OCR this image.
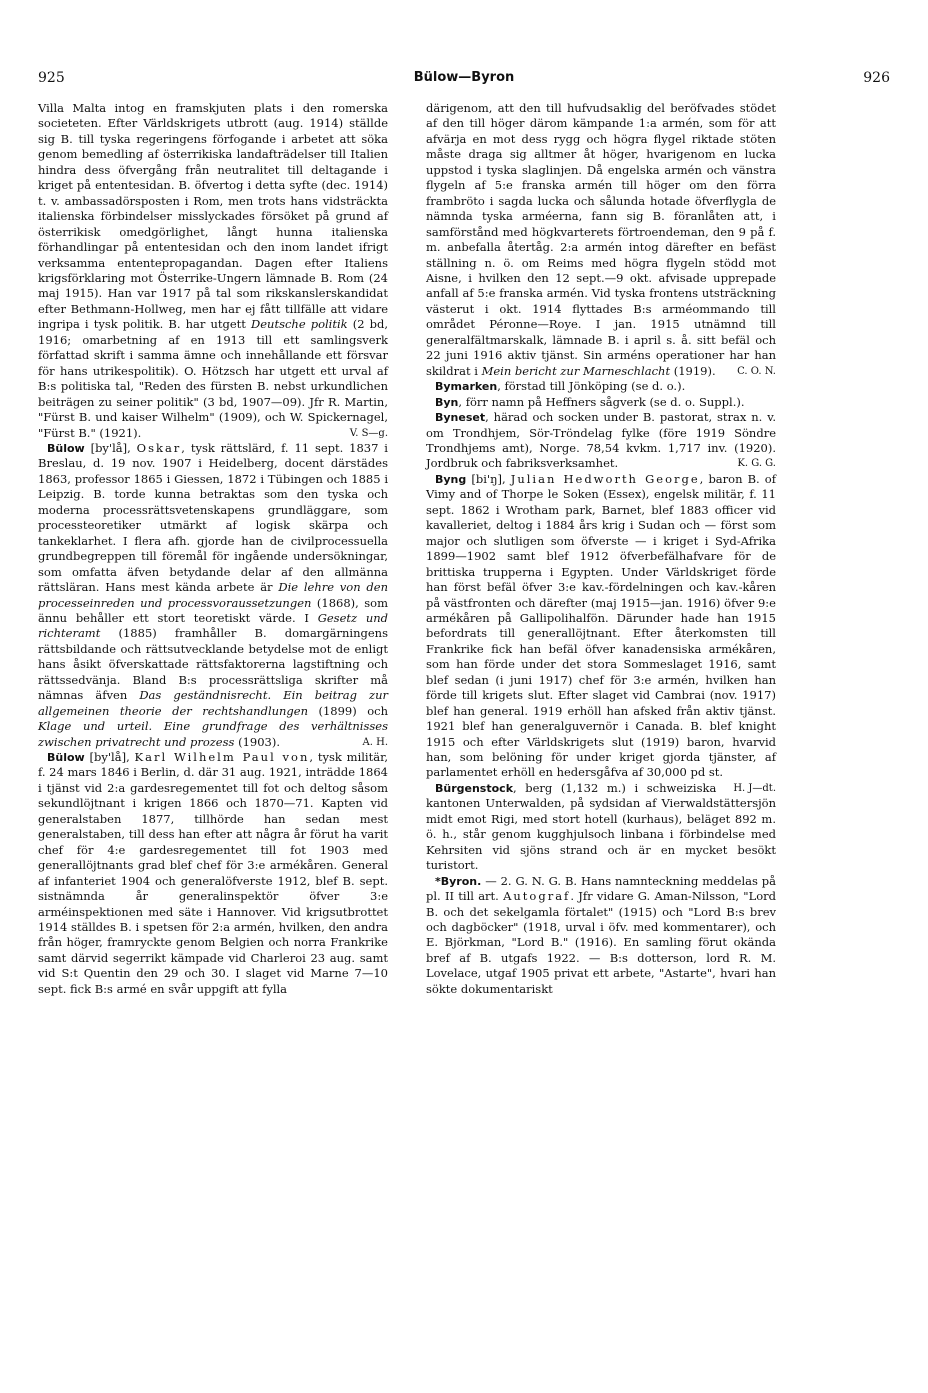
925	Bülow—Byron	926

Villa Malta intog en framskjuten plats i den romerska societeten. Efter Världskrigets utbrott (aug. 1914) ställde sig B. till tyska regeringens förfogande i arbetet att söka genom bemedling af österrikiska landafträdelser till Italien hindra dess öfvergång från neutralitet till deltagande i kriget på ententesidan. B. öfvertog i detta syfte (dec. 1914) t. v. ambassadörsposten i Rom, men trots hans vidsträckta italienska förbindelser misslyckades försöket på grund af österrikisk omedgörlighet, långt hunna italienska förhandlingar på ententesidan och den inom landet ifrigt verksamma ententepropagandan. Dagen efter Italiens krigsförklaring mot Österrike-Ungern lämnade B. Rom (24 maj 1915). Han var 1917 på tal som rikskanslerskandidat efter Bethmann-Hollweg, men har ej fått tillfälle att vidare ingripa i tysk politik. B. har utgett Deutsche politik (2 bd, 1916; omarbetning af en 1913 till ett samlingsverk författad skrift i samma ämne och innehållande ett försvar för hans utrikespolitik). O. Hötzsch har utgett ett urval af B:s politiska tal, "Reden des fürsten B. nebst urkundlichen beiträgen zu seiner politik" (3 bd, 1907—09). Jfr R. Martin, "Fürst B. und kaiser Wilhelm" (1909), och W. Spickernagel, "Fürst B." (1921).	V. S—g.

Bülow [by'lå], Oskar, tysk rättslärd, f. 11 sept. 1837 i Breslau, d. 19 nov. 1907 i Heidelberg, docent därstädes 1863, professor 1865 i Giessen, 1872 i Tübingen och 1885 i Leipzig. B. torde kunna betraktas som den tyska och moderna processrättsvetenskapens grundläggare, som processteoretiker utmärkt af logisk skärpa och tankeklarhet. I flera afh. gjorde han de civilprocessuella grundbegreppen till föremål för ingående undersökningar, som omfatta äfven betydande delar af den allmänna rättsläran. Hans mest kända arbete är Die lehre von den processeinreden und processvoraussetzungen (1868), som ännu behåller ett stort teoretiskt värde. I Gesetz und richteramt (1885) framhåller B. domargärningens rättsbildande och rättsutvecklande betydelse mot de enligt hans åsikt öfverskattade rättsfaktorerna lagstiftning och rättssedvänja. Bland B:s processrättsliga skrifter må nämnas äfven Das geständnisrecht. Ein beitrag zur allgemeinen theorie der rechtshandlungen (1899) och Klage und urteil. Eine grundfrage des verhältnisses zwischen privatrecht und prozess (1903).	A. H.

Bülow [by'lå], Karl Wilhelm Paul von, tysk militär, f. 24 mars 1846 i Berlin, d. där 31 aug. 1921, inträdde 1864 i tjänst vid 2:a gardesregementet till fot och deltog såsom sekundlöjtnant i krigen 1866 och 1870—71. Kapten vid generalstaben 1877, tillhörde han sedan mest generalstaben, till dess han efter att några år förut ha varit chef för 4:e gardesregementet till fot 1903 med generallöjtnants grad blef chef för 3:e armékåren. General af infanteriet 1904 och generalöfverste 1912, blef B. sept. sistnämnda år generalinspektör öfver 3:e arméinspektionen med säte i Hannover. Vid krigsutbrottet 1914 ställdes B. i spetsen för 2:a armén, hvilken, den andra från höger, framryckte genom Belgien och norra Frankrike samt därvid segerrikt kämpade vid Charleroi 23 aug. samt vid S:t Quentin den 29 och 30. I slaget vid Marne 7—10 sept. fick B:s armé en svår uppgift att fylla

därigenom, att den till hufvudsaklig del beröfvades stödet af den till höger därom kämpande 1:a armén, som för att afvärja en mot dess rygg och högra flygel riktade stöten måste draga sig alltmer åt höger, hvarigenom en lucka uppstod i tyska slaglinjen. Då engelska armén och vänstra flygeln af 5:e franska armén till höger om den förra frambröto i sagda lucka och sålunda hotade öfverflygla de nämnda tyska arméerna, fann sig B. föranlåten att, i samförstånd med högkvarterets förtroendeman, den 9 på f. m. anbefalla återtåg. 2:a armén intog därefter en befäst ställning n. ö. om Reims med högra flygeln stödd mot Aisne, i hvilken den 12 sept.—9 okt. afvisade upprepade anfall af 5:e franska armén. Vid tyska frontens utsträckning västerut i okt. 1914 flyttades B:s arméommando till området Péronne—Roye. I jan. 1915 utnämnd till generalfältmarskalk, lämnade B. i april s. å. sitt befäl och 22 juni 1916 aktiv tjänst. Sin arméns operationer har han skildrat i Mein bericht zur Marneschlacht (1919).	C. O. N.

Bymarken, förstad till Jönköping (se d. o.).

Byn, förr namn på Heffners sågverk (se d. o. Suppl.).

Byneset, härad och socken under B. pastorat, strax n. v. om Trondhjem, Sör-Tröndelag fylke (före 1919 Söndre Trondhjems amt), Norge. 78,54 kvkm. 1,717 inv. (1920). Jordbruk och fabriksverksamhet.	K. G. G.

Byng [bi'ŋ], Julian Hedworth George, baron B. of Vimy and of Thorpe le Soken (Essex), engelsk militär, f. 11 sept. 1862 i Wrotham park, Barnet, blef 1883 officer vid kavalleriet, deltog i 1884 års krig i Sudan och — först som major och slutligen som öfverste — i kriget i Syd-Afrika 1899—1902 samt blef 1912 öfverbefälhafvare för de brittiska trupperna i Egypten. Under Världskriget förde han först befäl öfver 3:e kav.-fördelningen och kav.-kåren på västfronten och därefter (maj 1915—jan. 1916) öfver 9:e armékåren på Gallipolihalfön. Därunder hade han 1915 befordrats till generallöjtnant. Efter återkomsten till Frankrike fick han befäl öfver kanadensiska armékåren, som han förde under det stora Sommeslaget 1916, samt blef sedan (i juni 1917) chef för 3:e armén, hvilken han förde till krigets slut. Efter slaget vid Cambrai (nov. 1917) blef han general. 1919 erhöll han afsked från aktiv tjänst. 1921 blef han generalguvernör i Canada. B. blef knight 1915 och efter Världskrigets slut (1919) baron, hvarvid han, som belöning för under kriget gjorda tjänster, af parlamentet erhöll en hedersgåfva af 30,000 pd st.
H. J—dt.

Bürgenstock, berg (1,132 m.) i schweiziska kantonen Unterwalden, på sydsidan af Vierwaldstättersjön midt emot Rigi, med stort hotell (kurhaus), beläget 892 m. ö. h., står genom kugghjulsoch linbana i förbindelse med Kehrsiten vid sjöns strand och är en mycket besökt turistort.

*Byron. — 2. G. N. G. B. Hans namnteckning meddelas på pl. II till art. Autograf. Jfr vidare G. Aman-Nilsson, "Lord B. och det sekelgamla förtalet" (1915) och "Lord B:s brev och dagböcker" (1918, urval i öfv. med kommentarer), och E. Björkman, "Lord B." (1916). En samling förut okända bref af B. utgafs 1922. — B:s dotterson, lord R. M. Lovelace, utgaf 1905 privat ett arbete, "Astarte", hvari han sökte dokumentariskt
